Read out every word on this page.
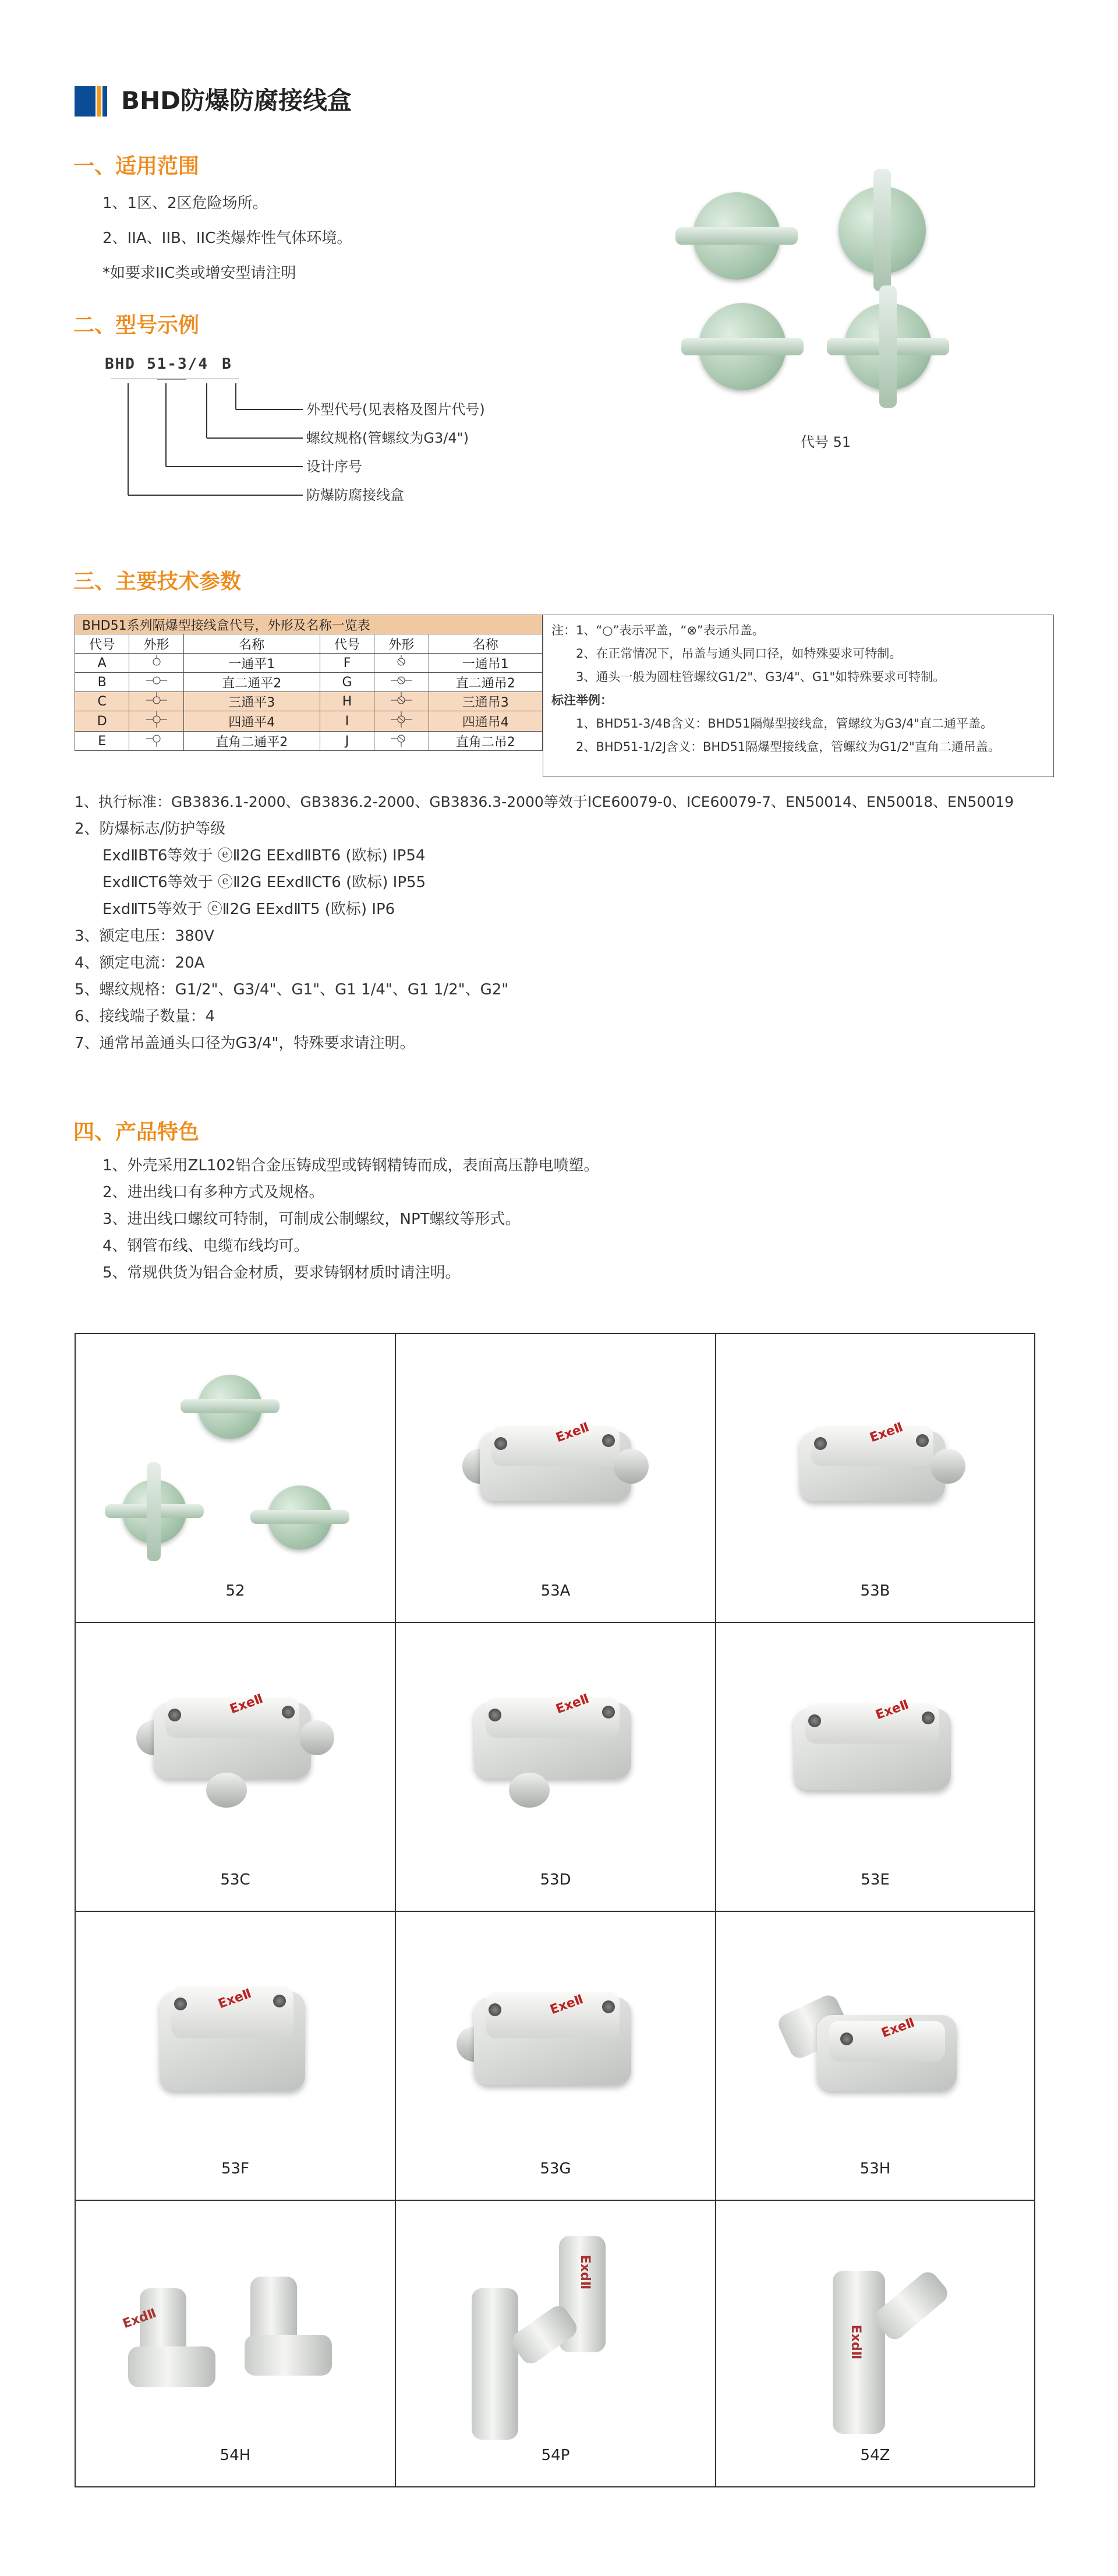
BHD防爆防腐接线盒
一、适用范围
1、1区、2区危险场所。
2、IIA、IIB、IIC类爆炸性气体环境。
*如要求IIC类或增安型请注明
代号 51
二、型号示例
BHD 51-3/4 B
外型代号(见表格及图片代号)
螺纹规格(管螺纹为G3/4")
设计序号
防爆防腐接线盒
三、主要技术参数
BHD51系列隔爆型接线盒代号，外形及名称一览表					
代号	外形	名称	代号	外形	名称
A		一通平1	F		一通吊1
B		直二通平2	G		直二通吊2
C		三通平3	H		三通吊3
D		四通平4	I		四通吊4
E		直角二通平2	J		直角二吊2
注：1、“○”表示平盖，“⊗”表示吊盖。
2、在正常情况下，吊盖与通头同口径，如特殊要求可特制。
3、通头一般为圆柱管螺纹G1/2"、G3/4"、G1"如特殊要求可特制。
标注举例：
1、BHD51-3/4B含义：BHD51隔爆型接线盒，管螺纹为G3/4"直二通平盖。
2、BHD51-1/2J含义：BHD51隔爆型接线盒，管螺纹为G1/2"直角二通吊盖。
1、执行标准：GB3836.1-2000、GB3836.2-2000、GB3836.3-2000等效于ICE60079-0、ICE60079-7、EN50014、EN50018、EN50019
2、防爆标志/防护等级
ExdⅡBT6等效于 ⓔⅡ2G EExdⅡBT6 (欧标) IP54
ExdⅡCT6等效于 ⓔⅡ2G EExdⅡCT6 (欧标) IP55
ExdⅡT5等效于 ⓔⅡ2G EExdⅡT5 (欧标) IP6
3、额定电压：380V
4、额定电流：20A
5、螺纹规格：G1/2"、G3/4"、G1"、G1 1/4"、G1 1/2"、G2"
6、接线端子数量：4
7、通常吊盖通头口径为G3/4"，特殊要求请注明。
四、产品特色
1、外壳采用ZL102铝合金压铸成型或铸钢精铸而成，表面高压静电喷塑。
2、进出线口有多种方式及规格。
3、进出线口螺纹可特制，可制成公制螺纹，NPT螺纹等形式。
4、钢管布线、电缆布线均可。
5、常规供货为铝合金材质，要求铸钢材质时请注明。
52
ExeⅡ
53A
ExeⅡ
53B
ExeⅡ
53C
ExeⅡ
53D
ExeⅡ
53E
ExeⅡ
53F
ExeⅡ
53G
ExeⅡ
53H
ExdⅡ
54H
ExdⅡ
54P
ExdⅡ
54Z
